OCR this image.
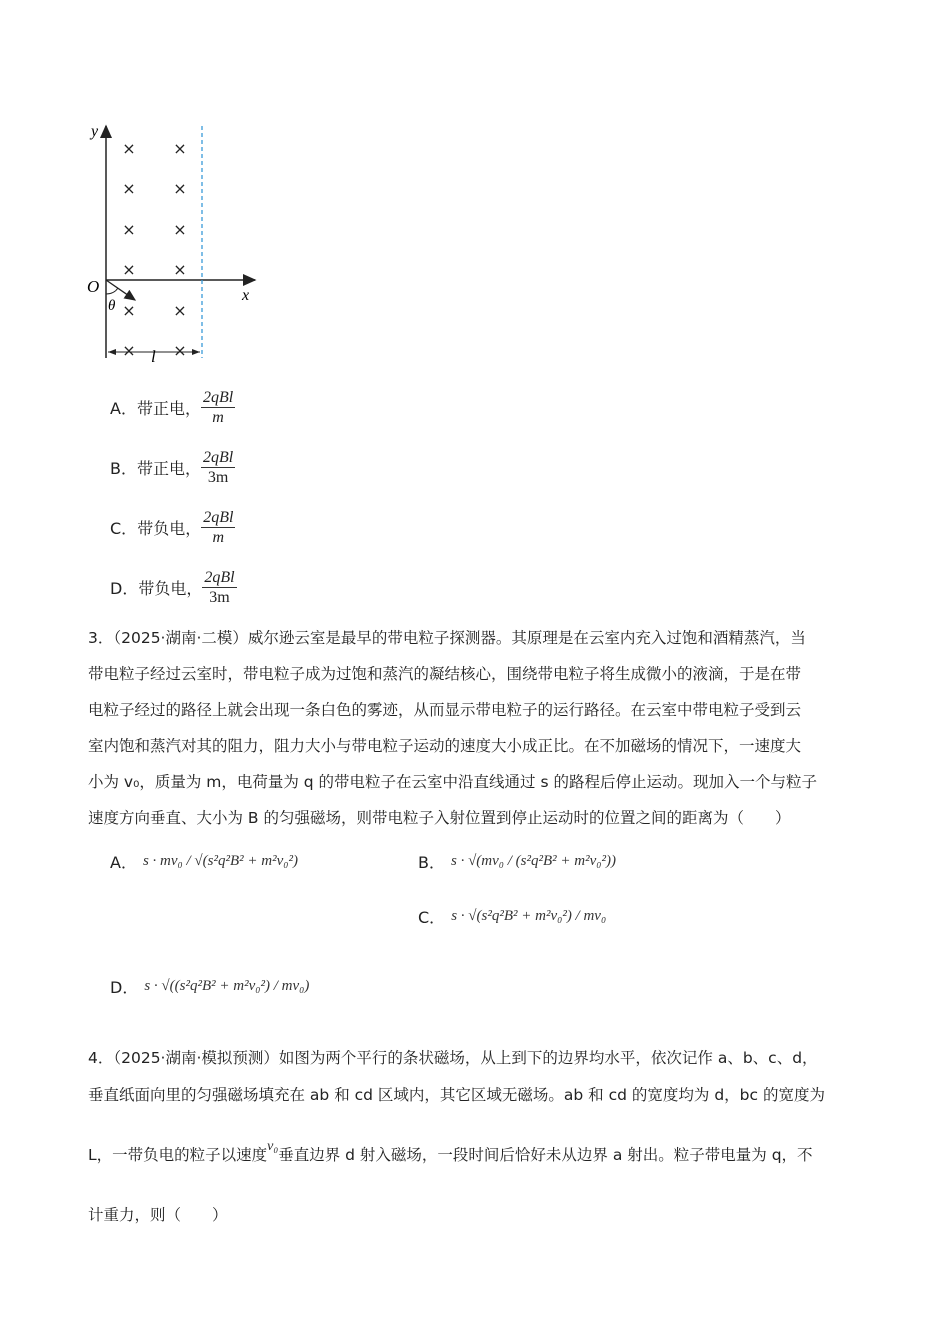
× ×
× ×
× ×
× ×
× ×
× ×
y
x
O
θ
l
A． 带正电， $\frac{\text{2qBl}}{m}$
B． 带正电， $\frac{\text{2qBl}}{3m}$
C． 带负电， $\frac{\text{2qBl}}{m}$
D． 带负电， $\frac{\text{2qBl}}{3m}$
3．（2025·湖南·二模）威尔逊云室是最早的带电粒子探测器。其原理是在云室内充入过饱和酒精蒸汽，当
带电粒子经过云室时，带电粒子成为过饱和蒸汽的凝结核心，围绕带电粒子将生成微小的液滴，于是在带
电粒子经过的路径上就会出现一条白色的雾迹，从而显示带电粒子的运行路径。在云室中带电粒子受到云
室内饱和蒸汽对其的阻力，阻力大小与带电粒子运动的速度大小成正比。在不加磁场的情况下，一速度大
小为 v₀，质量为 m，电荷量为 q 的带电粒子在云室中沿直线通过 s 的路程后停止运动。现加入一个与粒子
速度方向垂直、大小为 B 的匀强磁场，则带电粒子入射位置到停止运动时的位置之间的距离为（　　）
A． s · mv₀ / √(s²q²B² + m²v₀²)	B． s · √(mv₀ / (s²q²B² + m²v₀²))
C． s · √(s²q²B² + m²v₀²) / mv₀
D． s · √((s²q²B² + m²v₀²) / mv₀)
4．（2025·湖南·模拟预测）如图为两个平行的条状磁场，从上到下的边界均水平，依次记作 a、b、c、d，
垂直纸面向里的匀强磁场填充在 ab 和 cd 区域内，其它区域无磁场。ab 和 cd 的宽度均为 d，bc 的宽度为
L，一带负电的粒子以速度v₀垂直边界 d 射入磁场，一段时间后恰好未从边界 a 射出。粒子带电量为 q，不
计重力，则（　　）
